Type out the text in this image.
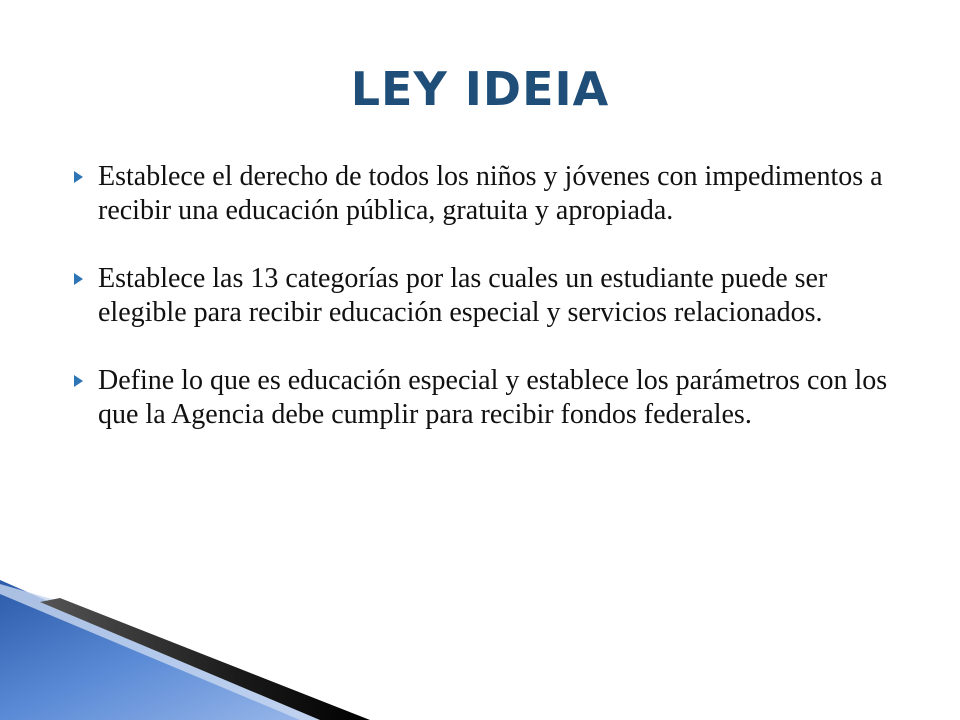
LEY IDEIA
Establece el derecho de todos los niños y jóvenes con impedimentos a recibir una educación pública, gratuita y apropiada.
Establece las 13 categorías por las cuales un estudiante puede ser elegible para recibir educación especial y servicios relacionados.
Define lo que es educación especial y establece los parámetros con los que la Agencia debe cumplir para recibir fondos federales.
